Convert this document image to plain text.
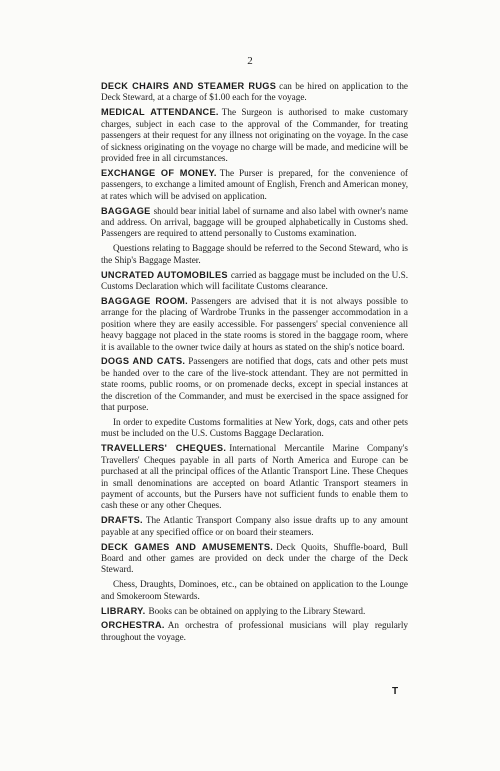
2

DECK CHAIRS AND STEAMER RUGS can be hired on application to the Deck Steward, at a charge of $1.00 each for the voyage.

MEDICAL ATTENDANCE. The Surgeon is authorised to make customary charges, subject in each case to the approval of the Commander, for treating passengers at their request for any illness not originating on the voyage. In the case of sickness originating on the voyage no charge will be made, and medicine will be provided free in all circumstances.

EXCHANGE OF MONEY. The Purser is prepared, for the convenience of passengers, to exchange a limited amount of English, French and American money, at rates which will be advised on application.

BAGGAGE should bear initial label of surname and also label with owner's name and address. On arrival, baggage will be grouped alphabetically in Customs shed. Passengers are required to attend personally to Customs examination.

Questions relating to Baggage should be referred to the Second Steward, who is the Ship's Baggage Master.

UNCRATED AUTOMOBILES carried as baggage must be included on the U.S. Customs Declaration which will facilitate Customs clearance.

BAGGAGE ROOM. Passengers are advised that it is not always possible to arrange for the placing of Wardrobe Trunks in the passenger accommodation in a position where they are easily accessible. For passengers' special convenience all heavy baggage not placed in the state rooms is stored in the baggage room, where it is available to the owner twice daily at hours as stated on the ship's notice board.

DOGS AND CATS. Passengers are notified that dogs, cats and other pets must be handed over to the care of the live-stock attendant. They are not permitted in state rooms, public rooms, or on promenade decks, except in special instances at the discretion of the Commander, and must be exercised in the space assigned for that purpose.

In order to expedite Customs formalities at New York, dogs, cats and other pets must be included on the U.S. Customs Baggage Declaration.

TRAVELLERS' CHEQUES. International Mercantile Marine Company's Travellers' Cheques payable in all parts of North America and Europe can be purchased at all the principal offices of the Atlantic Transport Line. These Cheques in small denominations are accepted on board Atlantic Transport steamers in payment of accounts, but the Pursers have not sufficient funds to enable them to cash these or any other Cheques.

DRAFTS. The Atlantic Transport Company also issue drafts up to any amount payable at any specified office or on board their steamers.

DECK GAMES AND AMUSEMENTS. Deck Quoits, Shuffle-board, Bull Board and other games are provided on deck under the charge of the Deck Steward.

Chess, Draughts, Dominoes, etc., can be obtained on application to the Lounge and Smokeroom Stewards.

LIBRARY. Books can be obtained on applying to the Library Steward.

ORCHESTRA. An orchestra of professional musicians will play regularly throughout the voyage.

T
